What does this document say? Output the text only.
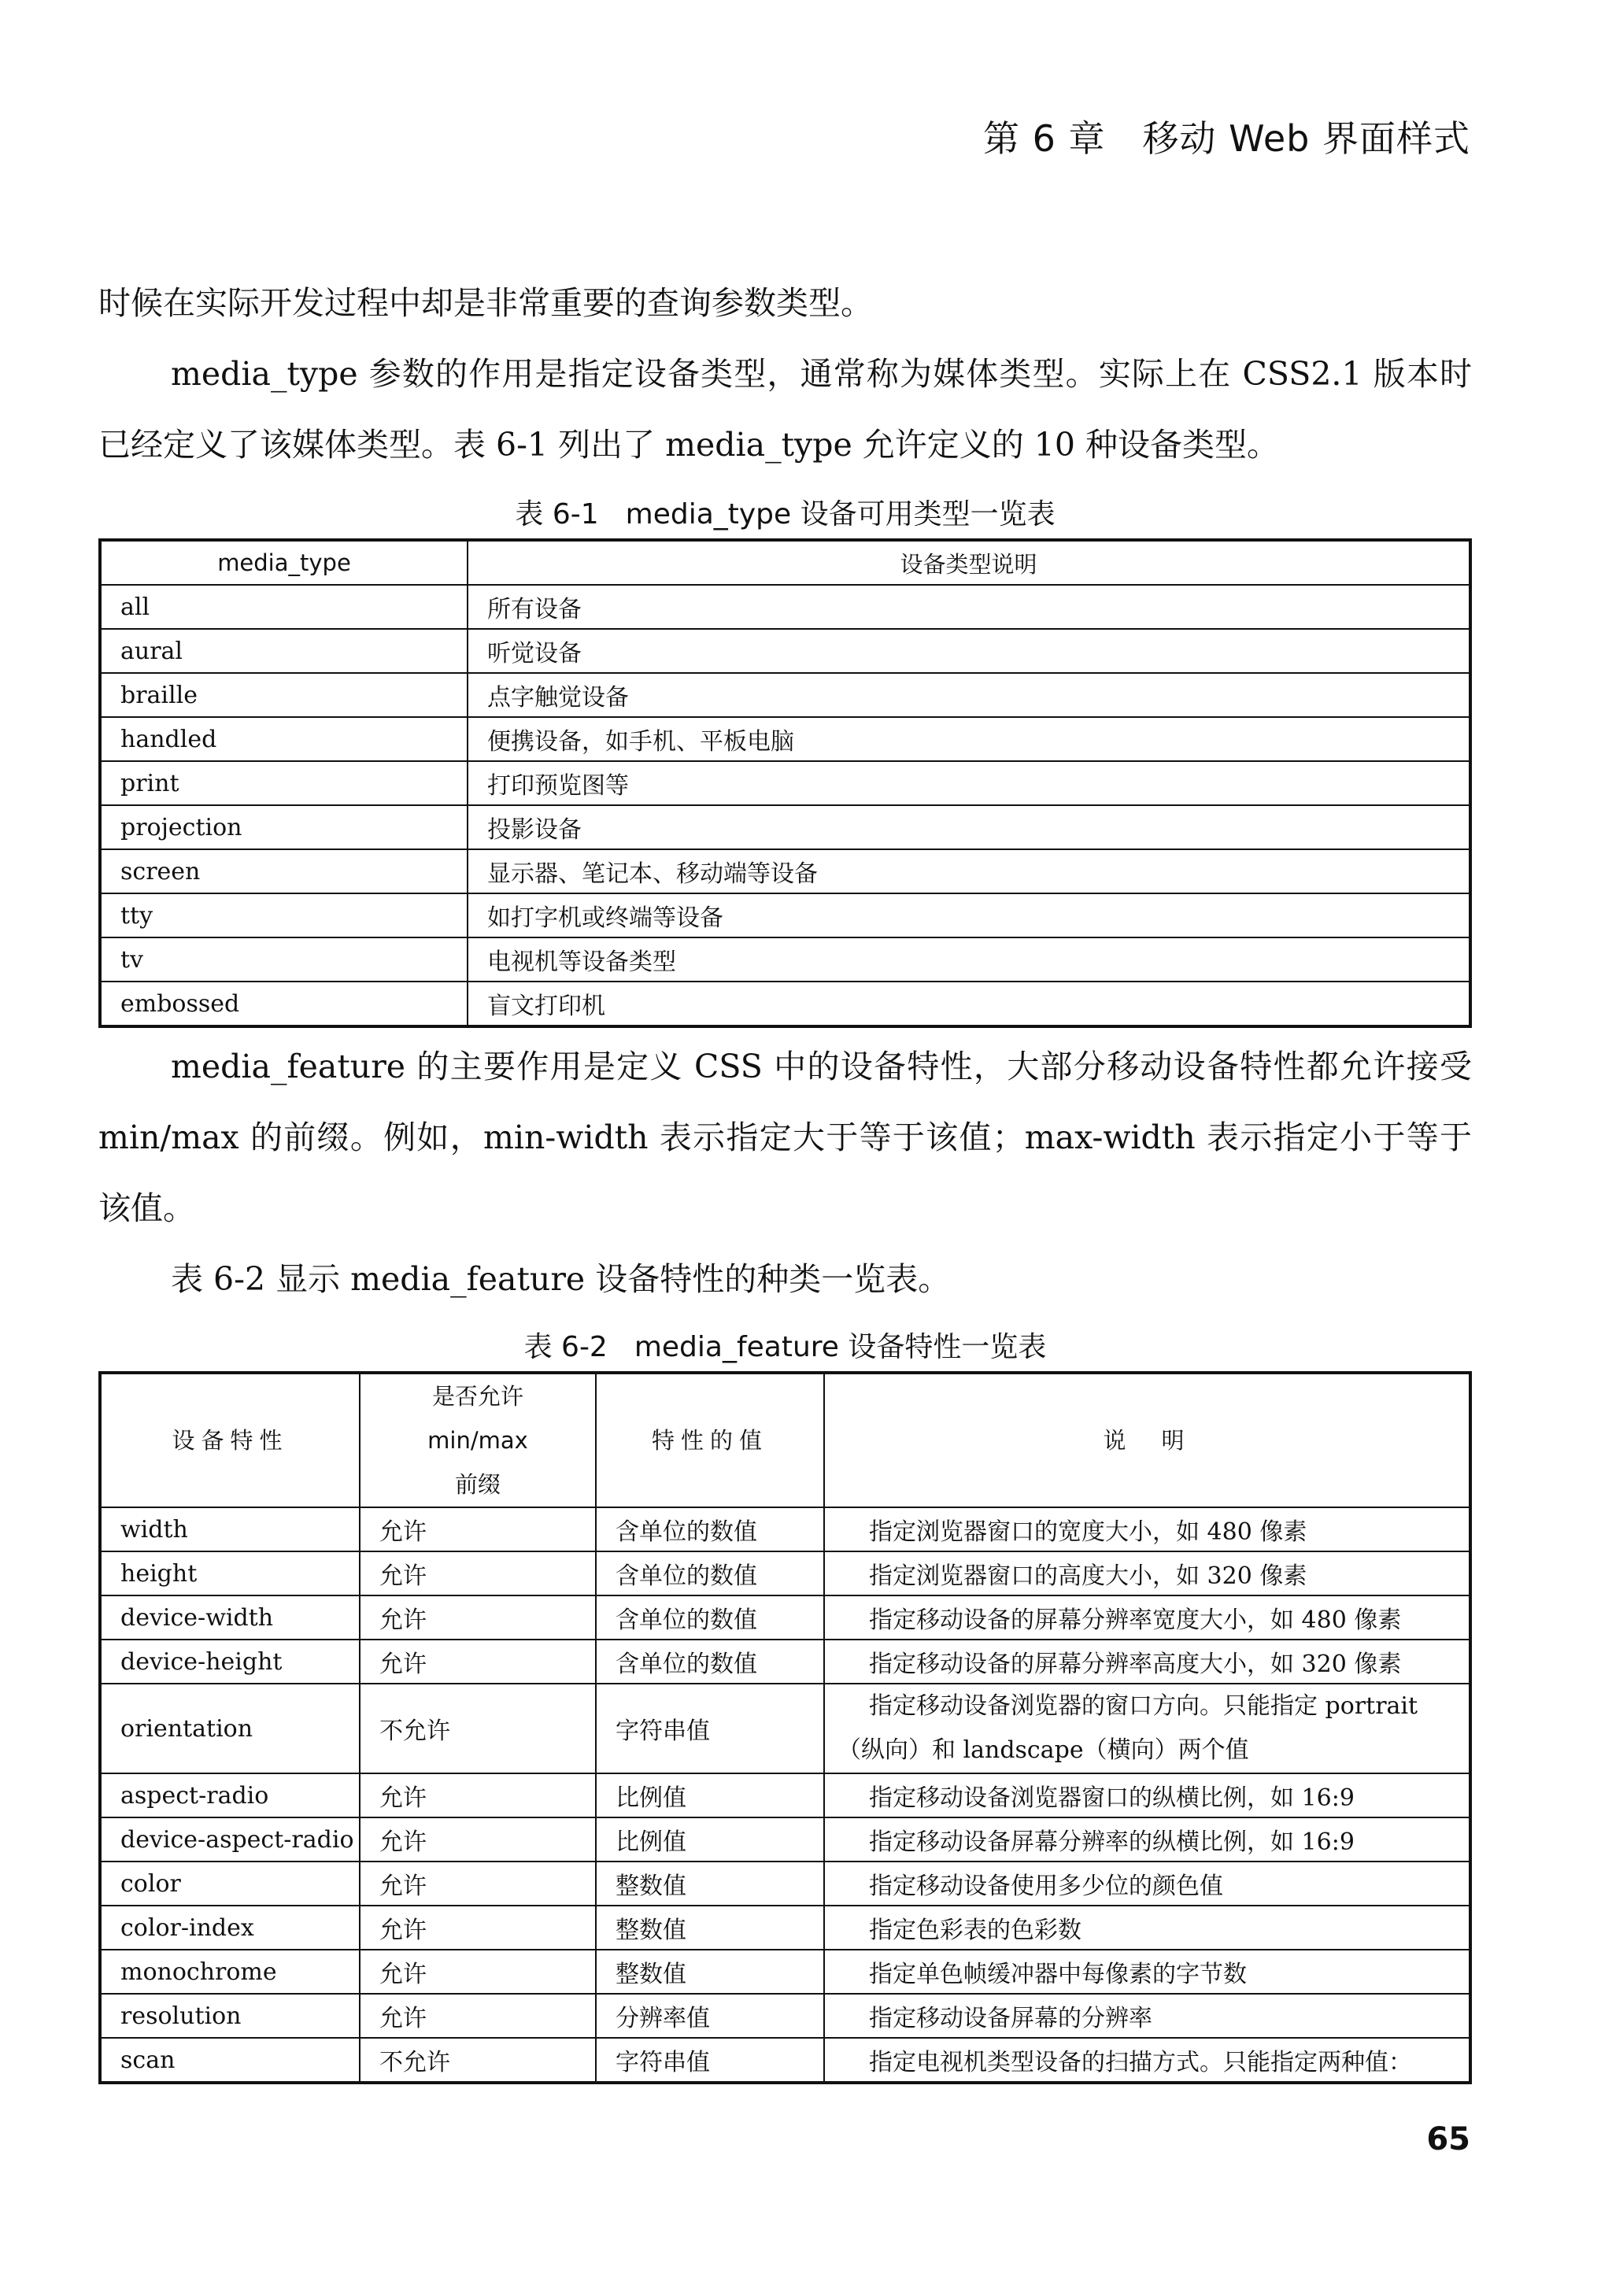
第 6 章　移动 Web 界面样式

时候在实际开发过程中却是非常重要的查询参数类型。

media_type 参数的作用是指定设备类型，通常称为媒体类型。实际上在 CSS2.1 版本时已经定义了该媒体类型。表 6-1 列出了 media_type 允许定义的 10 种设备类型。

表 6-1 media_type 设备可用类型一览表

media_type	设备类型说明
all	所有设备
aural	听觉设备
braille	点字触觉设备
handled	便携设备，如手机、平板电脑
print	打印预览图等
projection	投影设备
screen	显示器、笔记本、移动端等设备
tty	如打字机或终端等设备
tv	电视机等设备类型
embossed	盲文打印机

media_feature 的主要作用是定义 CSS 中的设备特性，大部分移动设备特性都允许接受 min/max 的前缀。例如，min-width 表示指定大于等于该值；max-width 表示指定小于等于该值。

表 6-2 显示 media_feature 设备特性的种类一览表。

表 6-2 media_feature 设备特性一览表

设备特性	是否允许
min/max
前缀	特性的值	说　明
width	允许	含单位的数值	指定浏览器窗口的宽度大小，如 480 像素
height	允许	含单位的数值	指定浏览器窗口的高度大小，如 320 像素
device-width	允许	含单位的数值	指定移动设备的屏幕分辨率宽度大小，如 480 像素
device-height	允许	含单位的数值	指定移动设备的屏幕分辨率高度大小，如 320 像素
orientation	不允许	字符串值	指定移动设备浏览器的窗口方向。只能指定 portrait（纵向）和 landscape（横向）两个值
aspect-radio	允许	比例值	指定移动设备浏览器窗口的纵横比例，如 16:9
device-aspect-radio	允许	比例值	指定移动设备屏幕分辨率的纵横比例，如 16:9
color	允许	整数值	指定移动设备使用多少位的颜色值
color-index	允许	整数值	指定色彩表的色彩数
monochrome	允许	整数值	指定单色帧缓冲器中每像素的字节数
resolution	允许	分辨率值	指定移动设备屏幕的分辨率
scan	不允许	字符串值	指定电视机类型设备的扫描方式。只能指定两种值：
65
